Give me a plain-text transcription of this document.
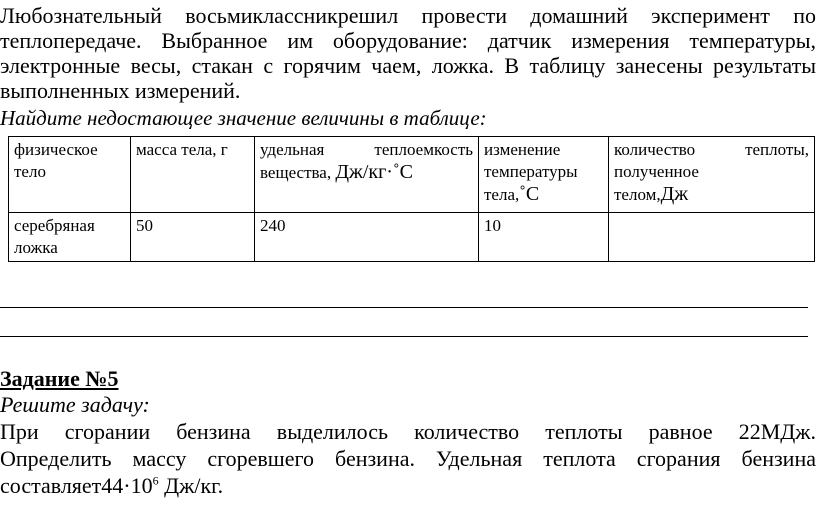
Любознательный восьмиклассникрешил провести домашний эксперимент по
теплопередаче. Выбранное им оборудование: датчик измерения температуры,
электронные весы, стакан с горячим чаем, ложка. В таблицу занесены результаты
выполненных измерений.
Найдите недостающее значение величины в таблице:
физическое
тело	масса тела, г	удельная теплоемкость
вещества, Дж/кг·˚С	изменение
температуры
тела,˚С	количество теплоты,
полученное
телом,Дж
серебряная
ложка	50	240	10	
Задание №5
Решите задачу:
При сгорании бензина выделилось количество теплоты равное 22МДж.
Определить массу сгоревшего бензина. Удельная теплота сгорания бензина
$составляет44\cdot 10^6$ Дж/кг.
